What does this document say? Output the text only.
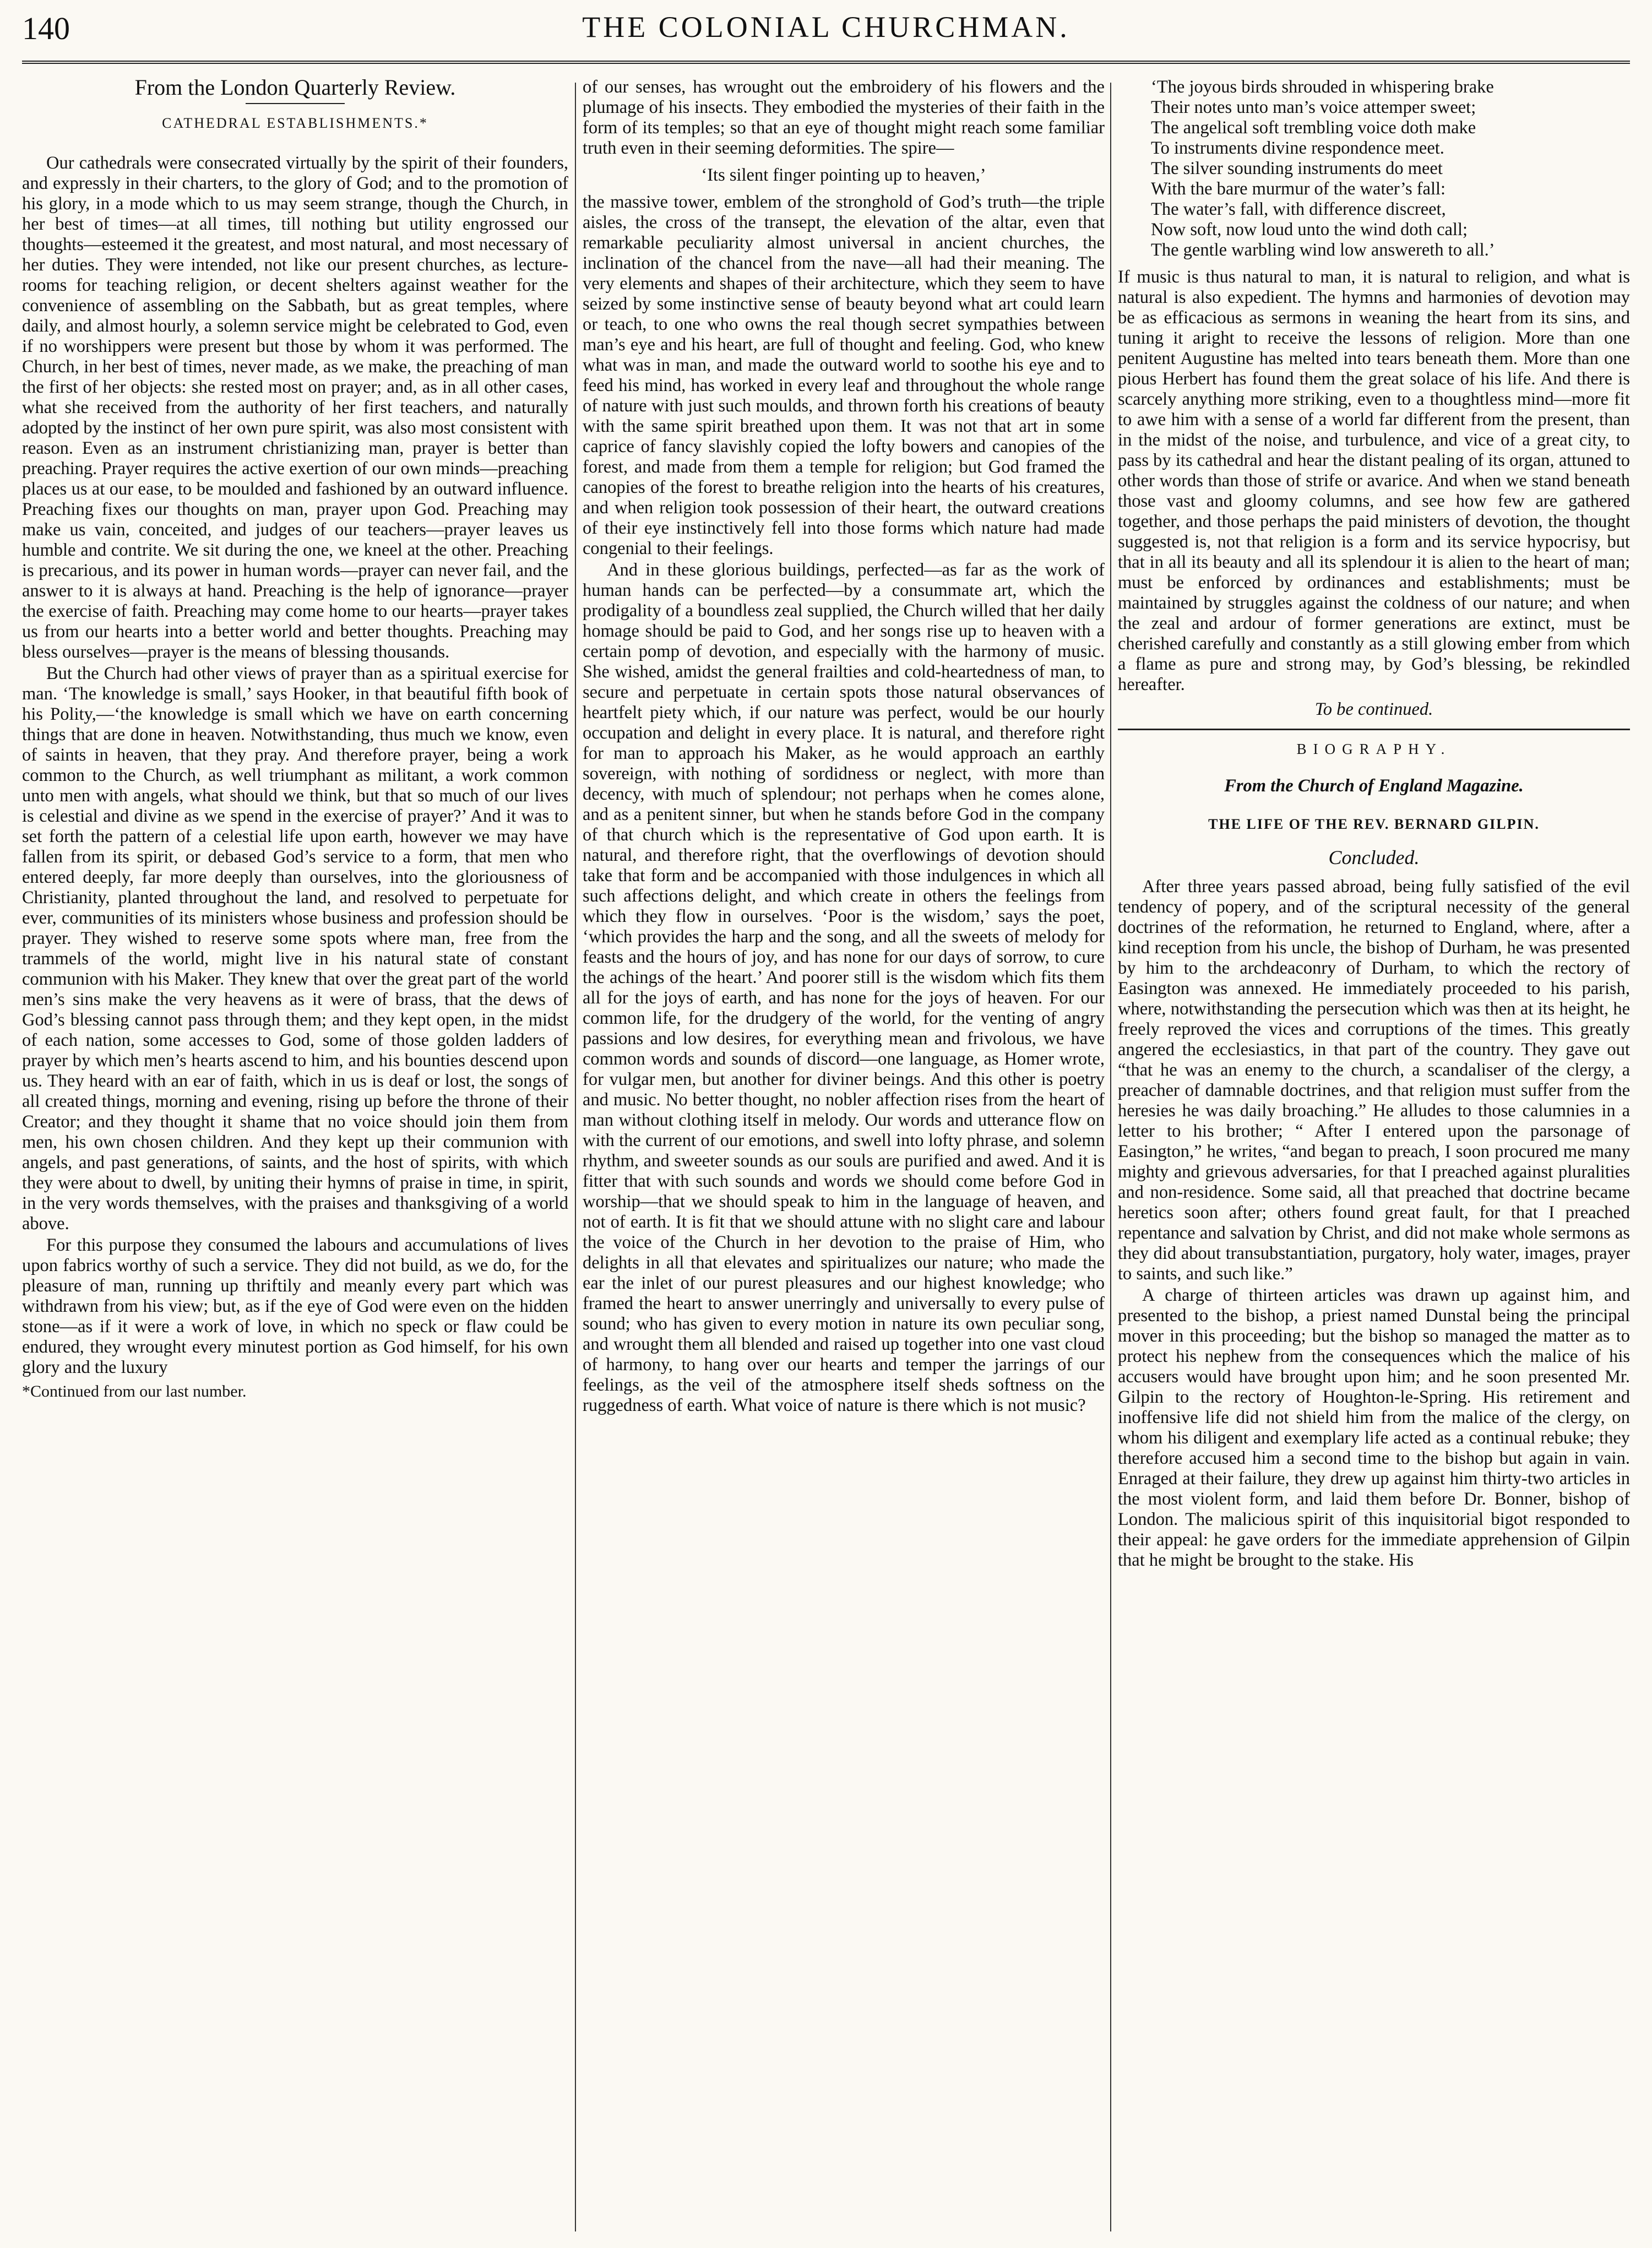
140	THE COLONIAL CHURCHMAN.
From the London Quarterly Review.
CATHEDRAL ESTABLISHMENTS.*

Our cathedrals were consecrated virtually by the spirit of their founders, and expressly in their charters, to the glory of God; and to the promotion of his glory, in a mode which to us may seem strange, though the Church, in her best of times—at all times, till nothing but utility engrossed our thoughts—esteemed it the greatest, and most natural, and most necessary of her duties. They were intended, not like our present churches, as lecture-rooms for teaching religion, or decent shelters against weather for the convenience of assembling on the Sabbath, but as great temples, where daily, and almost hourly, a solemn service might be celebrated to God, even if no worshippers were present but those by whom it was performed. The Church, in her best of times, never made, as we make, the preaching of man the first of her objects: she rested most on prayer; and, as in all other cases, what she received from the authority of her first teachers, and naturally adopted by the instinct of her own pure spirit, was also most consistent with reason. Even as an instrument christianizing man, prayer is better than preaching. Prayer requires the active exertion of our own minds—preaching places us at our ease, to be moulded and fashioned by an outward influence. Preaching fixes our thoughts on man, prayer upon God. Preaching may make us vain, conceited, and judges of our teachers—prayer leaves us humble and contrite. We sit during the one, we kneel at the other. Preaching is precarious, and its power in human words—prayer can never fail, and the answer to it is always at hand. Preaching is the help of ignorance—prayer the exercise of faith. Preaching may come home to our hearts—prayer takes us from our hearts into a better world and better thoughts. Preaching may bless ourselves—prayer is the means of blessing thousands.

But the Church had other views of prayer than as a spiritual exercise for man. ‘The knowledge is small,’ says Hooker, in that beautiful fifth book of his Polity,—‘the knowledge is small which we have on earth concerning things that are done in heaven. Notwithstanding, thus much we know, even of saints in heaven, that they pray. And therefore prayer, being a work common to the Church, as well triumphant as militant, a work common unto men with angels, what should we think, but that so much of our lives is celestial and divine as we spend in the exercise of prayer?’ And it was to set forth the pattern of a celestial life upon earth, however we may have fallen from its spirit, or debased God’s service to a form, that men who entered deeply, far more deeply than ourselves, into the gloriousness of Christianity, planted throughout the land, and resolved to perpetuate for ever, communities of its ministers whose business and profession should be prayer. They wished to reserve some spots where man, free from the trammels of the world, might live in his natural state of constant communion with his Maker. They knew that over the great part of the world men’s sins make the very heavens as it were of brass, that the dews of God’s blessing cannot pass through them; and they kept open, in the midst of each nation, some accesses to God, some of those golden ladders of prayer by which men’s hearts ascend to him, and his bounties descend upon us. They heard with an ear of faith, which in us is deaf or lost, the songs of all created things, morning and evening, rising up before the throne of their Creator; and they thought it shame that no voice should join them from men, his own chosen children. And they kept up their communion with angels, and past generations, of saints, and the host of spirits, with which they were about to dwell, by uniting their hymns of praise in time, in spirit, in the very words themselves, with the praises and thanksgiving of a world above.

For this purpose they consumed the labours and accumulations of lives upon fabrics worthy of such a service. They did not build, as we do, for the pleasure of man, running up thriftily and meanly every part which was withdrawn from his view; but, as if the eye of God were even on the hidden stone—as if it were a work of love, in which no speck or flaw could be endured, they wrought every minutest portion as God himself, for his own glory and the luxury

*Continued from our last number.

of our senses, has wrought out the embroidery of his flowers and the plumage of his insects. They embodied the mysteries of their faith in the form of its temples; so that an eye of thought might reach some familiar truth even in their seeming deformities. The spire—

‘Its silent finger pointing up to heaven,’

the massive tower, emblem of the stronghold of God’s truth—the triple aisles, the cross of the transept, the elevation of the altar, even that remarkable peculiarity almost universal in ancient churches, the inclination of the chancel from the nave—all had their meaning. The very elements and shapes of their architecture, which they seem to have seized by some instinctive sense of beauty beyond what art could learn or teach, to one who owns the real though secret sympathies between man’s eye and his heart, are full of thought and feeling. God, who knew what was in man, and made the outward world to soothe his eye and to feed his mind, has worked in every leaf and throughout the whole range of nature with just such moulds, and thrown forth his creations of beauty with the same spirit breathed upon them. It was not that art in some caprice of fancy slavishly copied the lofty bowers and canopies of the forest, and made from them a temple for religion; but God framed the canopies of the forest to breathe religion into the hearts of his creatures, and when religion took possession of their heart, the outward creations of their eye instinctively fell into those forms which nature had made congenial to their feelings.

And in these glorious buildings, perfected—as far as the work of human hands can be perfected—by a consummate art, which the prodigality of a boundless zeal supplied, the Church willed that her daily homage should be paid to God, and her songs rise up to heaven with a certain pomp of devotion, and especially with the harmony of music. She wished, amidst the general frailties and cold-heartedness of man, to secure and perpetuate in certain spots those natural observances of heartfelt piety which, if our nature was perfect, would be our hourly occupation and delight in every place. It is natural, and therefore right for man to approach his Maker, as he would approach an earthly sovereign, with nothing of sordidness or neglect, with more than decency, with much of splendour; not perhaps when he comes alone, and as a penitent sinner, but when he stands before God in the company of that church which is the representative of God upon earth. It is natural, and therefore right, that the overflowings of devotion should take that form and be accompanied with those indulgences in which all such affections delight, and which create in others the feelings from which they flow in ourselves. ‘Poor is the wisdom,’ says the poet, ‘which provides the harp and the song, and all the sweets of melody for feasts and the hours of joy, and has none for our days of sorrow, to cure the achings of the heart.’ And poorer still is the wisdom which fits them all for the joys of earth, and has none for the joys of heaven. For our common life, for the drudgery of the world, for the venting of angry passions and low desires, for everything mean and frivolous, we have common words and sounds of discord—one language, as Homer wrote, for vulgar men, but another for diviner beings. And this other is poetry and music. No better thought, no nobler affection rises from the heart of man without clothing itself in melody. Our words and utterance flow on with the current of our emotions, and swell into lofty phrase, and solemn rhythm, and sweeter sounds as our souls are purified and awed. And it is fitter that with such sounds and words we should come before God in worship—that we should speak to him in the language of heaven, and not of earth. It is fit that we should attune with no slight care and labour the voice of the Church in her devotion to the praise of Him, who delights in all that elevates and spiritualizes our nature; who made the ear the inlet of our purest pleasures and our highest knowledge; who framed the heart to answer unerringly and universally to every pulse of sound; who has given to every motion in nature its own peculiar song, and wrought them all blended and raised up together into one vast cloud of harmony, to hang over our hearts and temper the jarrings of our feelings, as the veil of the atmosphere itself sheds softness on the ruggedness of earth. What voice of nature is there which is not music?

‘The joyous birds shrouded in whispering brake
Their notes unto man’s voice attemper sweet;
The angelical soft trembling voice doth make
To instruments divine respondence meet.
The silver sounding instruments do meet
With the bare murmur of the water’s fall:
The water’s fall, with difference discreet,
Now soft, now loud unto the wind doth call;
The gentle warbling wind low answereth to all.’

If music is thus natural to man, it is natural to religion, and what is natural is also expedient. The hymns and harmonies of devotion may be as efficacious as sermons in weaning the heart from its sins, and tuning it aright to receive the lessons of religion. More than one penitent Augustine has melted into tears beneath them. More than one pious Herbert has found them the great solace of his life. And there is scarcely anything more striking, even to a thoughtless mind—more fit to awe him with a sense of a world far different from the present, than in the midst of the noise, and turbulence, and vice of a great city, to pass by its cathedral and hear the distant pealing of its organ, attuned to other words than those of strife or avarice. And when we stand beneath those vast and gloomy columns, and see how few are gathered together, and those perhaps the paid ministers of devotion, the thought suggested is, not that religion is a form and its service hypocrisy, but that in all its beauty and all its splendour it is alien to the heart of man; must be enforced by ordinances and establishments; must be maintained by struggles against the coldness of our nature; and when the zeal and ardour of former generations are extinct, must be cherished carefully and constantly as a still glowing ember from which a flame as pure and strong may, by God’s blessing, be rekindled hereafter.

To be continued.
BIOGRAPHY.
From the Church of England Magazine.
THE LIFE OF THE REV. BERNARD GILPIN.
Concluded.

After three years passed abroad, being fully satisfied of the evil tendency of popery, and of the scriptural necessity of the general doctrines of the reformation, he returned to England, where, after a kind reception from his uncle, the bishop of Durham, he was presented by him to the archdeaconry of Durham, to which the rectory of Easington was annexed. He immediately proceeded to his parish, where, notwithstanding the persecution which was then at its height, he freely reproved the vices and corruptions of the times. This greatly angered the ecclesiastics, in that part of the country. They gave out “that he was an enemy to the church, a scandaliser of the clergy, a preacher of damnable doctrines, and that religion must suffer from the heresies he was daily broaching.” He alludes to those calumnies in a letter to his brother; “ After I entered upon the parsonage of Easington,” he writes, “and began to preach, I soon procured me many mighty and grievous adversaries, for that I preached against pluralities and non-residence. Some said, all that preached that doctrine became heretics soon after; others found great fault, for that I preached repentance and salvation by Christ, and did not make whole sermons as they did about transubstantiation, purgatory, holy water, images, prayer to saints, and such like.”

A charge of thirteen articles was drawn up against him, and presented to the bishop, a priest named Dunstal being the principal mover in this proceeding; but the bishop so managed the matter as to protect his nephew from the consequences which the malice of his accusers would have brought upon him; and he soon presented Mr. Gilpin to the rectory of Houghton-le-Spring. His retirement and inoffensive life did not shield him from the malice of the clergy, on whom his diligent and exemplary life acted as a continual rebuke; they therefore accused him a second time to the bishop but again in vain. Enraged at their failure, they drew up against him thirty-two articles in the most violent form, and laid them before Dr. Bonner, bishop of London. The malicious spirit of this inquisitorial bigot responded to their appeal: he gave orders for the immediate apprehension of Gilpin that he might be brought to the stake. His
